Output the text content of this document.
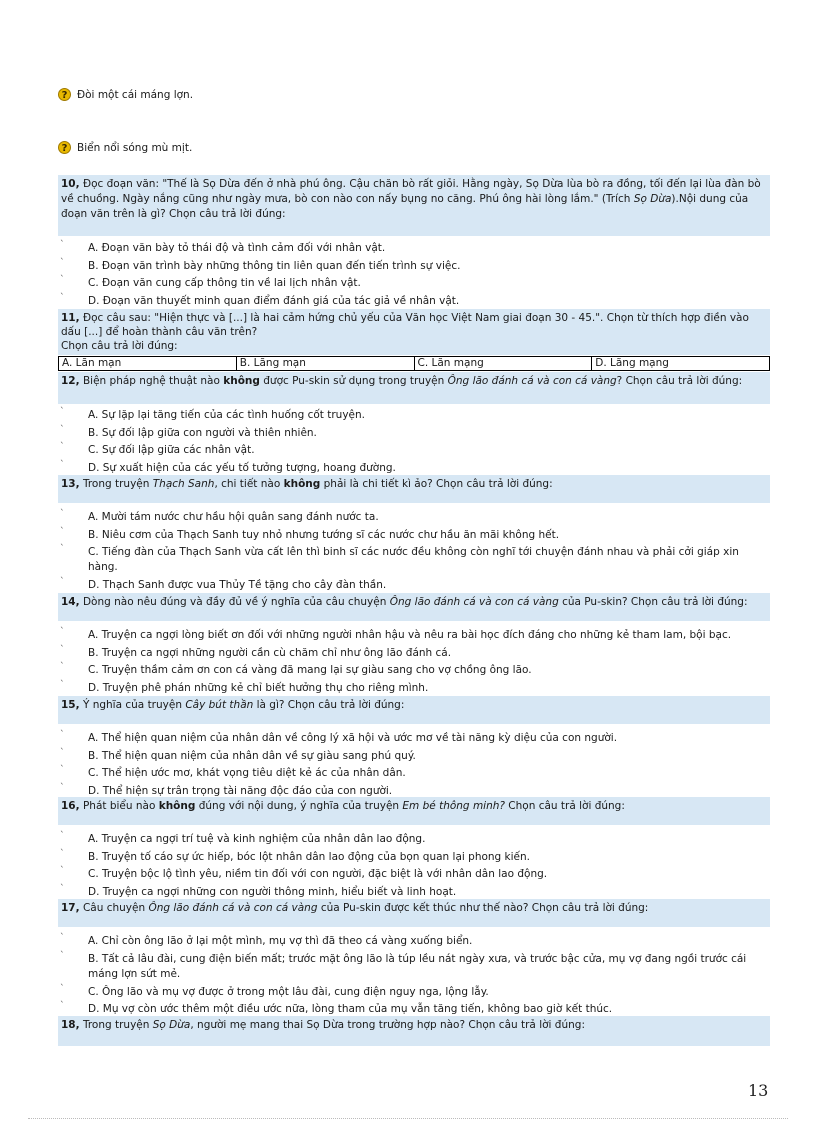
? Đòi một cái máng lợn.
? Biển nổi sóng mù mịt.
10, Đọc đoạn văn: "Thế là Sọ Dừa đến ở nhà phú ông. Cậu chăn bò rất giỏi. Hằng ngày, Sọ Dừa lùa bò ra đồng, tối đến lại lùa đàn bò về chuồng. Ngày nắng cũng như ngày mưa, bò con nào con nấy bụng no căng. Phú ông hài lòng lắm." (Trích Sọ Dừa).Nội dung của đoạn văn trên là gì? Chọn câu trả lời đúng:
` A. Đoạn văn bày tỏ thái độ và tình cảm đối với nhân vật.
` B. Đoạn văn trình bày những thông tin liên quan đến tiến trình sự việc.
` C. Đoạn văn cung cấp thông tin về lai lịch nhân vật.
` D. Đoạn văn thuyết minh quan điểm đánh giá của tác giả về nhân vật.
11, Đọc câu sau: "Hiện thực và [...] là hai cảm hứng chủ yếu của Văn học Việt Nam giai đoạn 30 - 45.". Chọn từ thích hợp điền vào dấu [...] để hoàn thành câu văn trên?
Chọn câu trả lời đúng:
A. Lãn mạn	B. Lãng mạn	C. Lãn mạng	D. Lãng mạng
12, Biện pháp nghệ thuật nào không được Pu-skin sử dụng trong truyện Ông lão đánh cá và con cá vàng? Chọn câu trả lời đúng:
` A. Sự lặp lại tăng tiến của các tình huống cốt truyện.
` B. Sự đối lập giữa con người và thiên nhiên.
` C. Sự đối lập giữa các nhân vật.
` D. Sự xuất hiện của các yếu tố tưởng tượng, hoang đường.
13, Trong truyện Thạch Sanh, chi tiết nào không phải là chi tiết kì ảo? Chọn câu trả lời đúng:
` A. Mười tám nước chư hầu hội quân sang đánh nước ta.
` B. Niêu cơm của Thạch Sanh tuy nhỏ nhưng tướng sĩ các nước chư hầu ăn mãi không hết.
` C. Tiếng đàn của Thạch Sanh vừa cất lên thì binh sĩ các nước đều không còn nghĩ tới chuyện đánh nhau và phải cởi giáp xin hàng.
` D. Thạch Sanh được vua Thủy Tề tặng cho cây đàn thần.
14, Dòng nào nêu đúng và đầy đủ về ý nghĩa của câu chuyện Ông lão đánh cá và con cá vàng của Pu-skin? Chọn câu trả lời đúng:
` A. Truyện ca ngợi lòng biết ơn đối với những người nhân hậu và nêu ra bài học đích đáng cho những kẻ tham lam, bội bạc.
` B. Truyện ca ngợi những người cần cù chăm chỉ như ông lão đánh cá.
` C. Truyện thầm cảm ơn con cá vàng đã mang lại sự giàu sang cho vợ chồng ông lão.
` D. Truyện phê phán những kẻ chỉ biết hưởng thụ cho riêng mình.
15, Ý nghĩa của truyện Cây bút thần là gì? Chọn câu trả lời đúng:
` A. Thể hiện quan niệm của nhân dân về công lý xã hội và ước mơ về tài năng kỳ diệu của con người.
` B. Thể hiện quan niệm của nhân dân về sự giàu sang phú quý.
` C. Thể hiện ước mơ, khát vọng tiêu diệt kẻ ác của nhân dân.
` D. Thể hiện sự trân trọng tài năng độc đáo của con người.
16, Phát biểu nào không đúng với nội dung, ý nghĩa của truyện Em bé thông minh? Chọn câu trả lời đúng:
` A. Truyện ca ngợi trí tuệ và kinh nghiệm của nhân dân lao động.
` B. Truyện tố cáo sự ức hiếp, bóc lột nhân dân lao động của bọn quan lại phong kiến.
` C. Truyện bộc lộ tình yêu, niềm tin đối với con người, đặc biệt là với nhân dân lao động.
` D. Truyện ca ngợi những con người thông minh, hiểu biết và linh hoạt.
17, Câu chuyện Ông lão đánh cá và con cá vàng của Pu-skin được kết thúc như thế nào? Chọn câu trả lời đúng:
` A. Chỉ còn ông lão ở lại một mình, mụ vợ thì đã theo cá vàng xuống biển.
` B. Tất cả lâu đài, cung điện biến mất; trước mặt ông lão là túp lều nát ngày xưa, và trước bậc cửa, mụ vợ đang ngồi trước cái máng lợn sứt mẻ.
` C. Ông lão và mụ vợ được ở trong một lâu đài, cung điện nguy nga, lộng lẫy.
` D. Mụ vợ còn ước thêm một điều ước nữa, lòng tham của mụ vẫn tăng tiến, không bao giờ kết thúc.
18, Trong truyện Sọ Dừa, người mẹ mang thai Sọ Dừa trong trường hợp nào? Chọn câu trả lời đúng:
13
